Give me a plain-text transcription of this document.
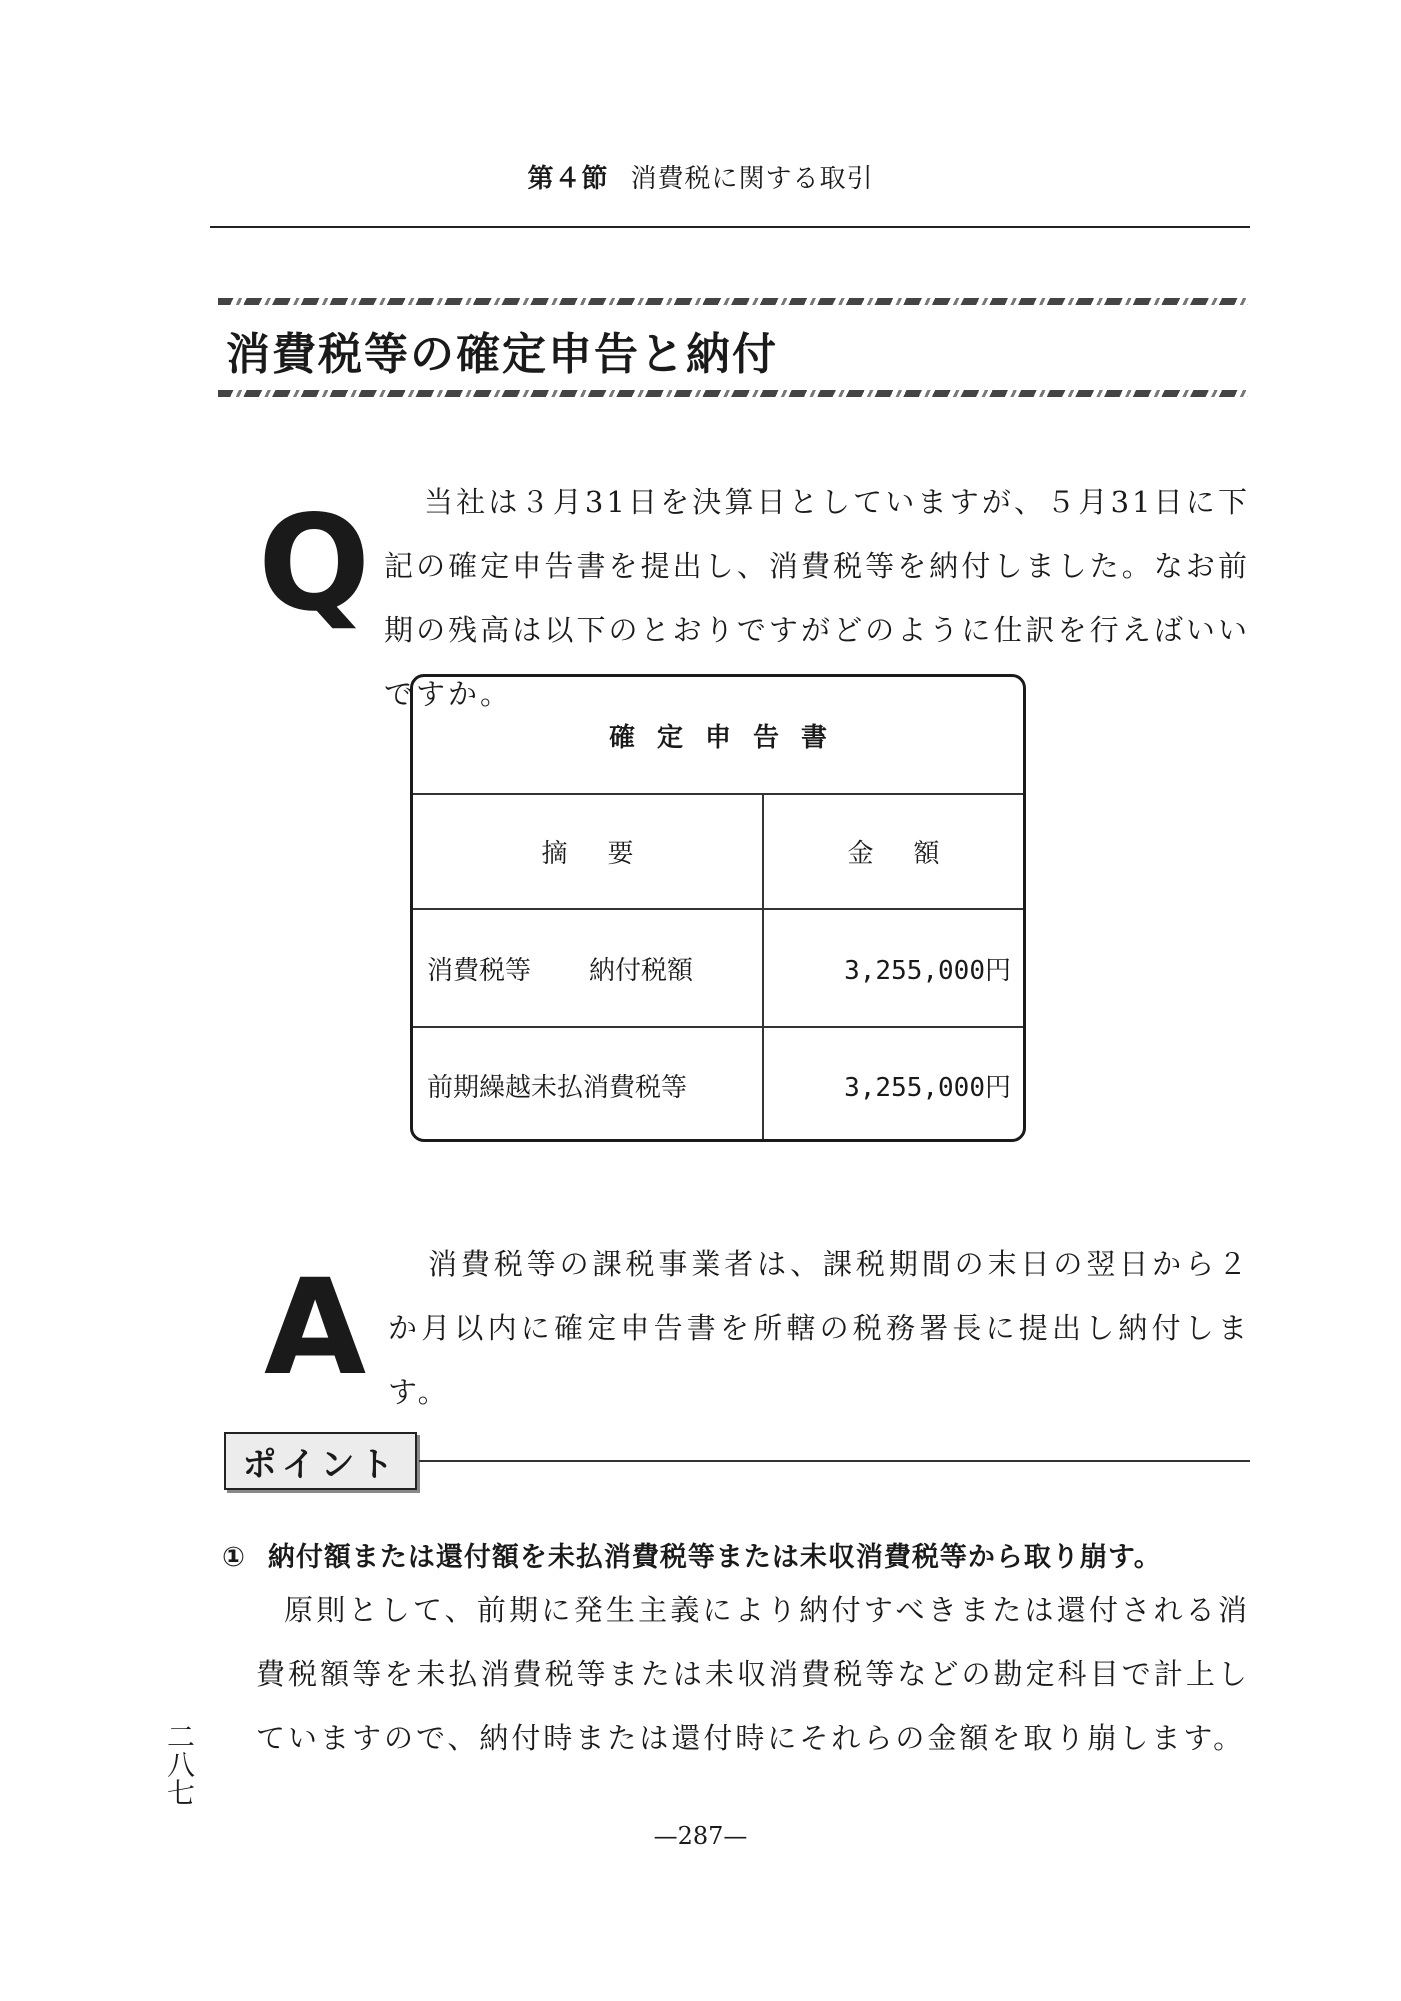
第４節 消費税に関する取引
消費税等の確定申告と納付
Q	当社は３月31日を決算日としていますが、５月31日に下記の確定申告書を提出し、消費税等を納付しました。なお前期の残高は以下のとおりですがどのように仕訳を行えばいいですか。
確定申告書
摘要	金額
消費税等 納付税額	3,255,000円
前期繰越未払消費税等	3,255,000円
A	消費税等の課税事業者は、課税期間の末日の翌日から２か月以内に確定申告書を所轄の税務署長に提出し納付します。
ポイント
① 納付額または還付額を未払消費税等または未収消費税等から取り崩す。
原則として、前期に発生主義により納付すべきまたは還付される消費税額等を未払消費税等または未収消費税等などの勘定科目で計上していますので、納付時または還付時にそれらの金額を取り崩します。
二八七
—287—
